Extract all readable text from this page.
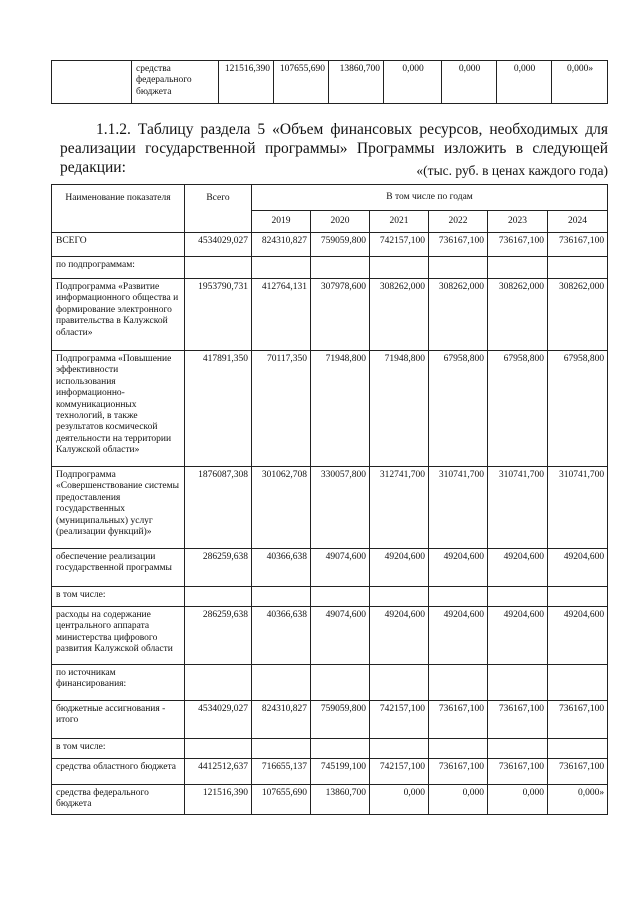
	средства федерального бюджета	121516,390	107655,690	13860,700	0,000	0,000	0,000	0,000»
1.1.2. Таблицу раздела 5 «Объем финансовых ресурсов, необходимых для реализации государственной программы» Программы изложить в следующей редакции:	«(тыс. руб. в ценах каждого года)
Наименование показателя	Всего	В том числе по годам					
		2019	2020	2021	2022	2023	2024
ВСЕГО	4534029,027	824310,827	759059,800	742157,100	736167,100	736167,100	736167,100
по подпрограммам:							
Подпрограмма «Развитие информационного общества и формирование электронного правительства в Калужской области»	1953790,731	412764,131	307978,600	308262,000	308262,000	308262,000	308262,000
Подпрограмма «Повышение эффективности использования информационно-коммуникационных технологий, в также результатов космической деятельности на территории Калужской области»	417891,350	70117,350	71948,800	71948,800	67958,800	67958,800	67958,800
Подпрограмма «Совершенствование системы предоставления государственных (муниципальных) услуг (реализации функций)»	1876087,308	301062,708	330057,800	312741,700	310741,700	310741,700	310741,700
обеспечение реализации государственной программы	286259,638	40366,638	49074,600	49204,600	49204,600	49204,600	49204,600
в том числе:							
расходы на содержание центрального аппарата министерства цифрового развития Калужской области	286259,638	40366,638	49074,600	49204,600	49204,600	49204,600	49204,600
по источникам финансирования:							
бюджетные ассигнования - итого	4534029,027	824310,827	759059,800	742157,100	736167,100	736167,100	736167,100
в том числе:							
средства областного бюджета	4412512,637	716655,137	745199,100	742157,100	736167,100	736167,100	736167,100
средства федерального бюджета	121516,390	107655,690	13860,700	0,000	0,000	0,000	0,000»
